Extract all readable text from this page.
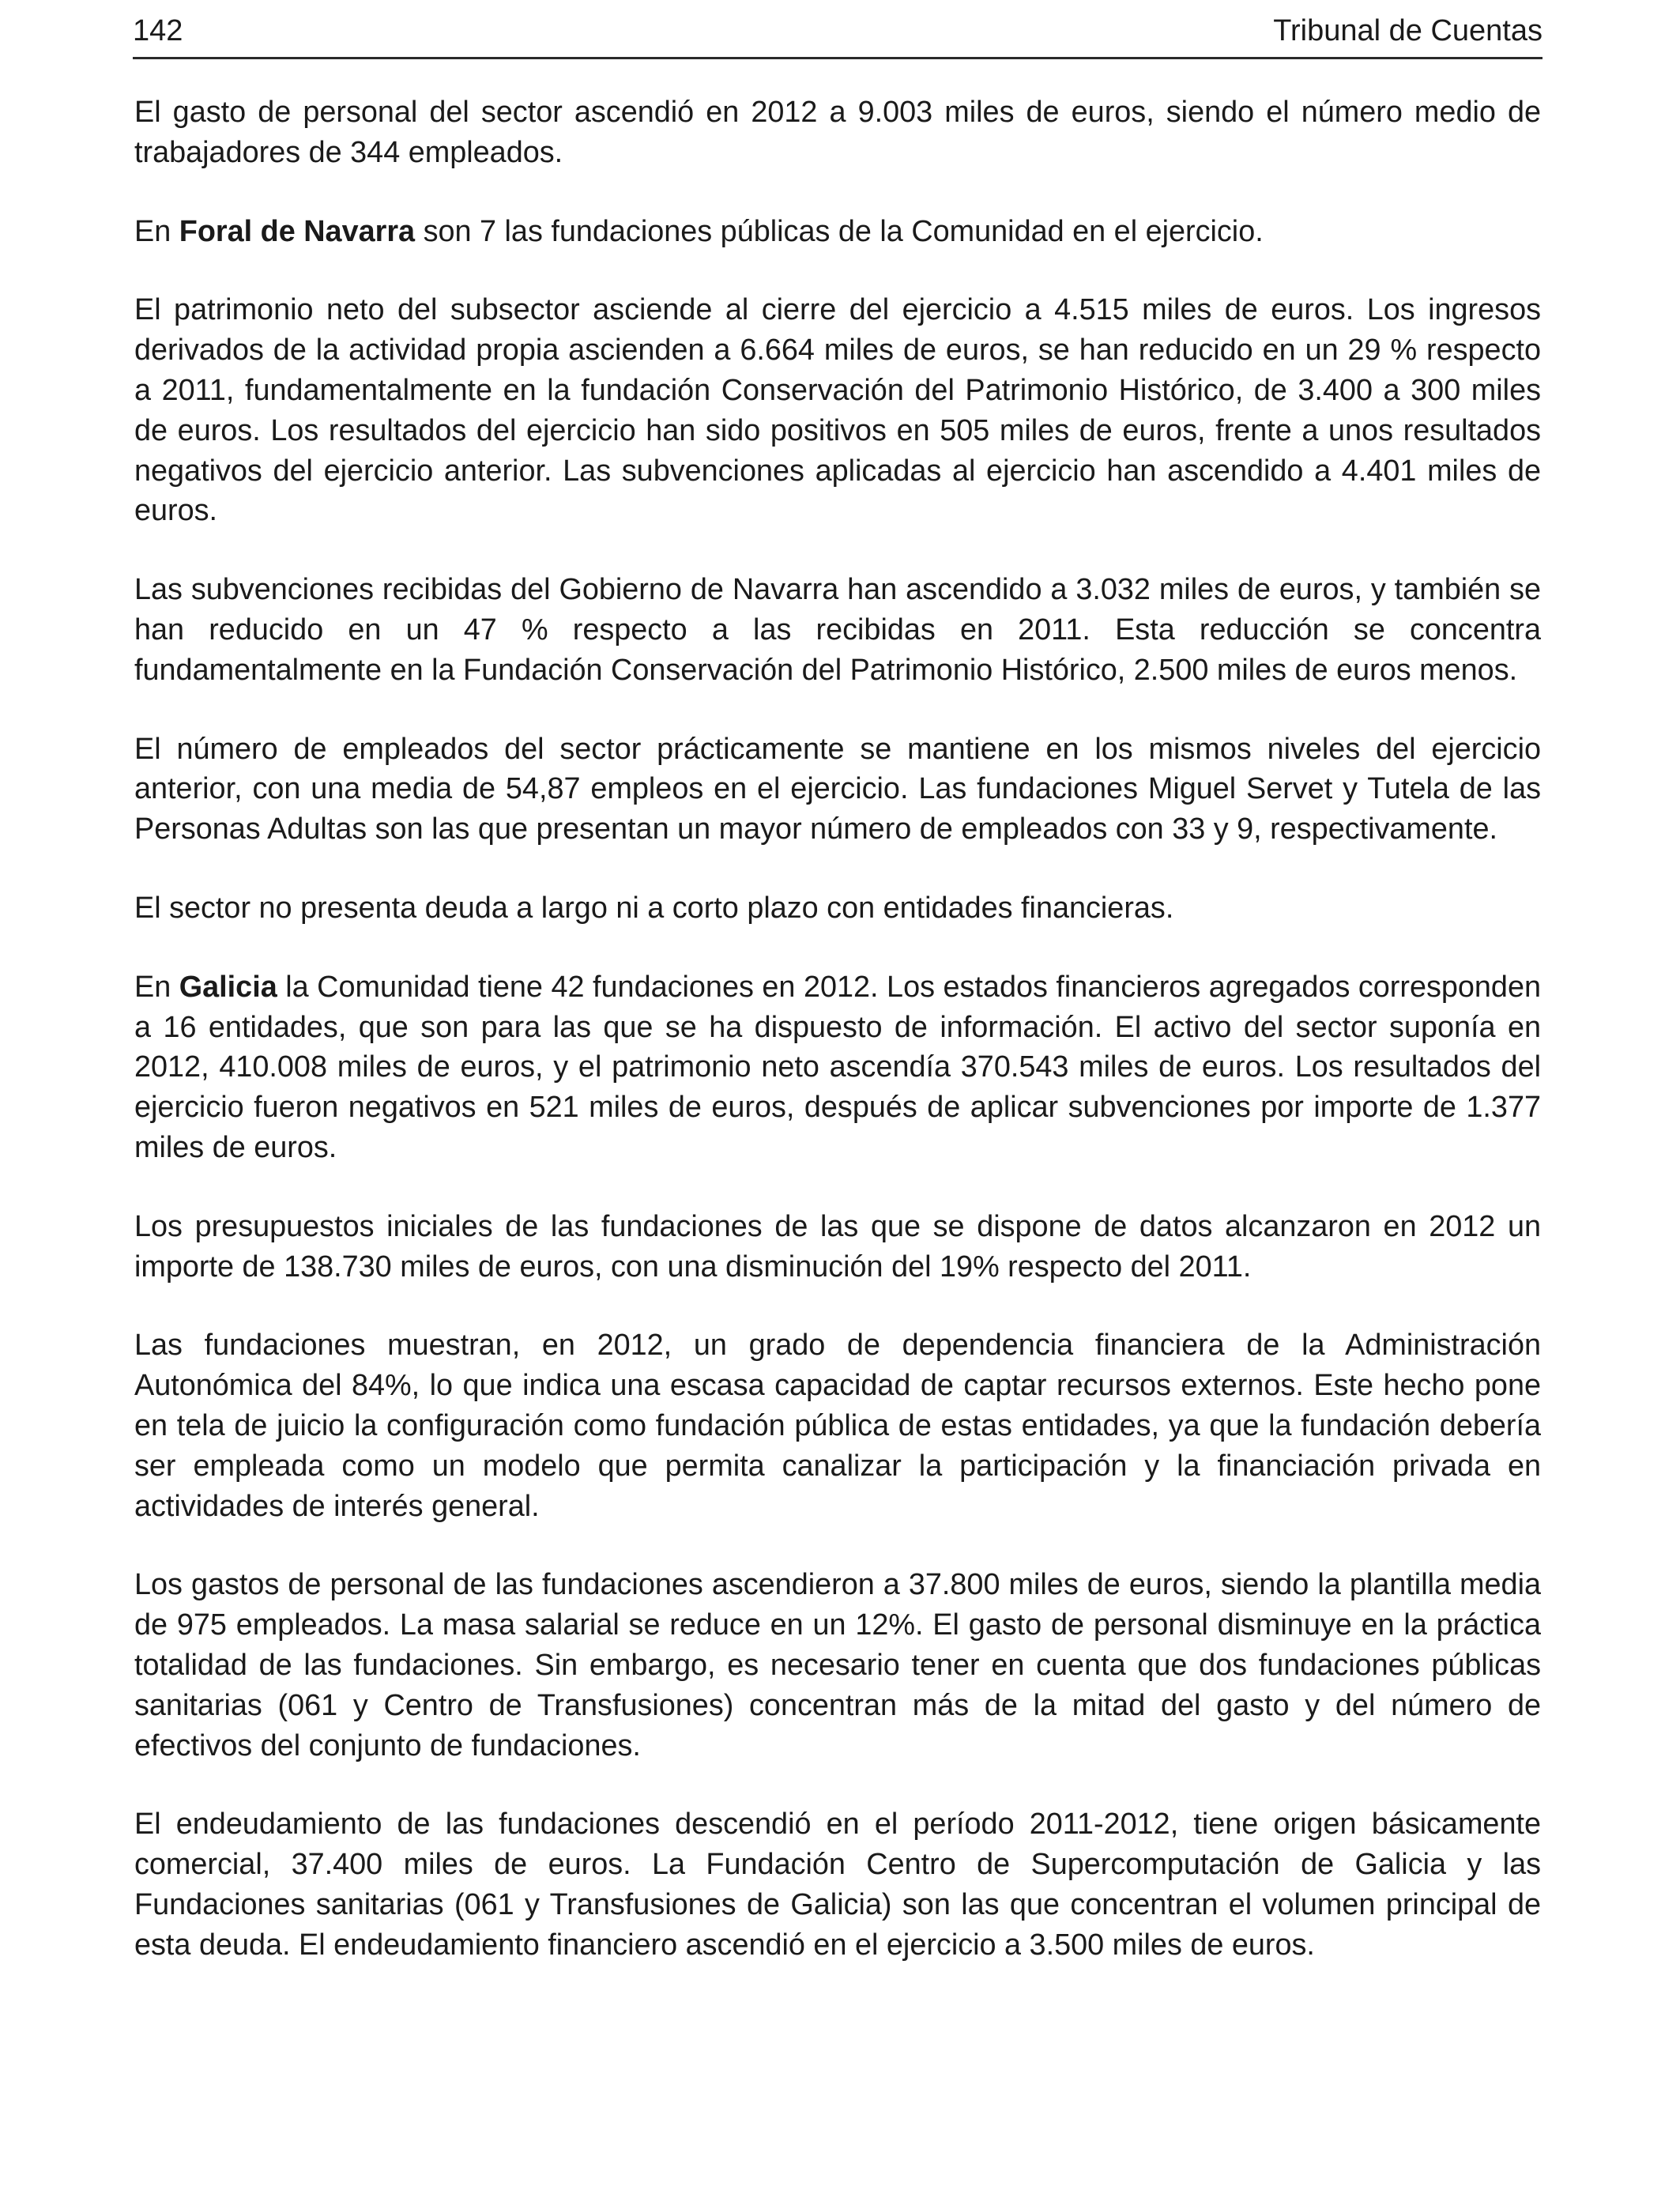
142	Tribunal de Cuentas

El gasto de personal del sector ascendió en 2012 a 9.003 miles de euros, siendo el número medio de trabajadores de 344 empleados.

En Foral de Navarra son 7 las fundaciones públicas de la Comunidad en el ejercicio.

El patrimonio neto del subsector asciende al cierre del ejercicio a 4.515 miles de euros. Los ingresos derivados de la actividad propia ascienden a 6.664 miles de euros, se han reducido en un 29 % respecto a 2011, fundamentalmente en la fundación Conservación del Patrimonio Histórico, de 3.400 a 300 miles de euros. Los resultados del ejercicio han sido positivos en 505 miles de euros, frente a unos resultados negativos del ejercicio anterior. Las subvenciones aplicadas al ejercicio han ascendido a 4.401 miles de euros.

Las subvenciones recibidas del Gobierno de Navarra han ascendido a 3.032 miles de euros, y también se han reducido en un 47 % respecto a las recibidas en 2011. Esta reducción se concentra fundamentalmente en la Fundación Conservación del Patrimonio Histórico, 2.500 miles de euros menos.

El número de empleados del sector prácticamente se mantiene en los mismos niveles del ejercicio anterior, con una media de 54,87 empleos en el ejercicio. Las fundaciones Miguel Servet y Tutela de las Personas Adultas son las que presentan un mayor número de empleados con 33 y 9, respectivamente.

El sector no presenta deuda a largo ni a corto plazo con entidades financieras.

En Galicia la Comunidad tiene 42 fundaciones en 2012. Los estados financieros agregados corresponden a 16 entidades, que son para las que se ha dispuesto de información. El activo del sector suponía en 2012, 410.008 miles de euros, y el patrimonio neto ascendía 370.543 miles de euros. Los resultados del ejercicio fueron negativos en 521 miles de euros, después de aplicar subvenciones por importe de 1.377 miles de euros.

Los presupuestos iniciales de las fundaciones de las que se dispone de datos alcanzaron en 2012 un importe de 138.730 miles de euros, con una disminución del 19% respecto del 2011.

Las fundaciones muestran, en 2012, un grado de dependencia financiera de la Administración Autonómica del 84%, lo que indica una escasa capacidad de captar recursos externos. Este hecho pone en tela de juicio la configuración como fundación pública de estas entidades, ya que la fundación debería ser empleada como un modelo que permita canalizar la participación y la financiación privada en actividades de interés general.

Los gastos de personal de las fundaciones ascendieron a 37.800 miles de euros, siendo la plantilla media de 975 empleados. La masa salarial se reduce en un 12%. El gasto de personal disminuye en la práctica totalidad de las fundaciones. Sin embargo, es necesario tener en cuenta que dos fundaciones públicas sanitarias (061 y Centro de Transfusiones) concentran más de la mitad del gasto y del número de efectivos del conjunto de fundaciones.

El endeudamiento de las fundaciones descendió en el período 2011-2012, tiene origen básicamente comercial, 37.400 miles de euros. La Fundación Centro de Supercomputación de Galicia y las Fundaciones sanitarias (061 y Transfusiones de Galicia) son las que concentran el volumen principal de esta deuda. El endeudamiento financiero ascendió en el ejercicio a 3.500 miles de euros.
